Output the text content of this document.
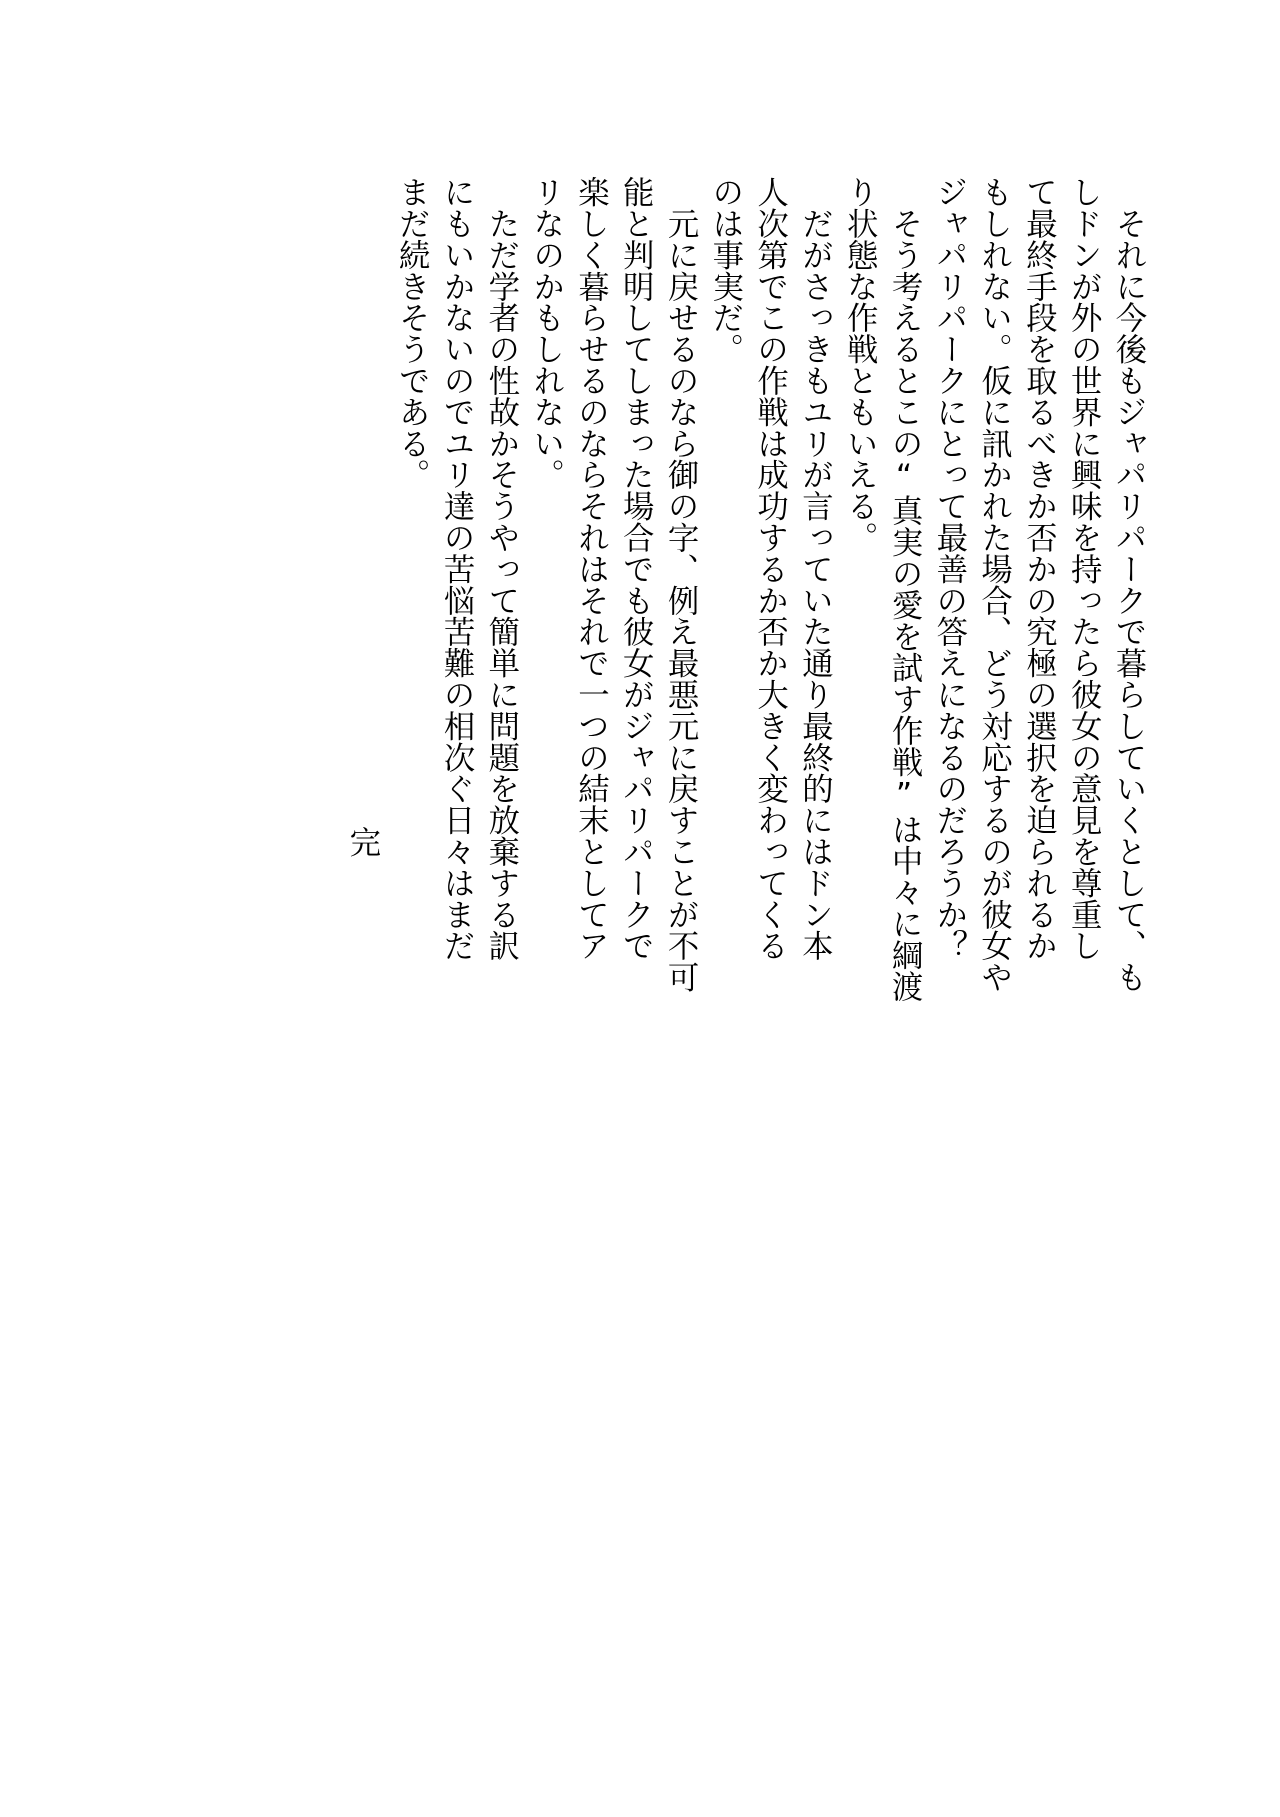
　それに今後もジャパリパークで暮らしていくとして、も

しドンが外の世界に興味を持ったら彼女の意見を尊重し

て最終手段を取るべきか否かの究極の選択を迫られるか

もしれない。仮に訊かれた場合、どう対応するのが彼女や

ジャパリパークにとって最善の答えになるのだろうか？

　そう考えるとこの“真実の愛を試す作戦”は中々に綱渡

り状態な作戦ともいえる。

　だがさっきもユリが言っていた通り最終的にはドン本

人次第でこの作戦は成功するか否か大きく変わってくる

のは事実だ。

　元に戻せるのなら御の字、例え最悪元に戻すことが不可

能と判明してしまった場合でも彼女がジャパリパークで

楽しく暮らせるのならそれはそれで一つの結末としてア

リなのかもしれない。

　ただ学者の性故かそうやって簡単に問題を放棄する訳

にもいかないのでユリ達の苦悩苦難の相次ぐ日々はまだ

まだ続きそうである。

完
